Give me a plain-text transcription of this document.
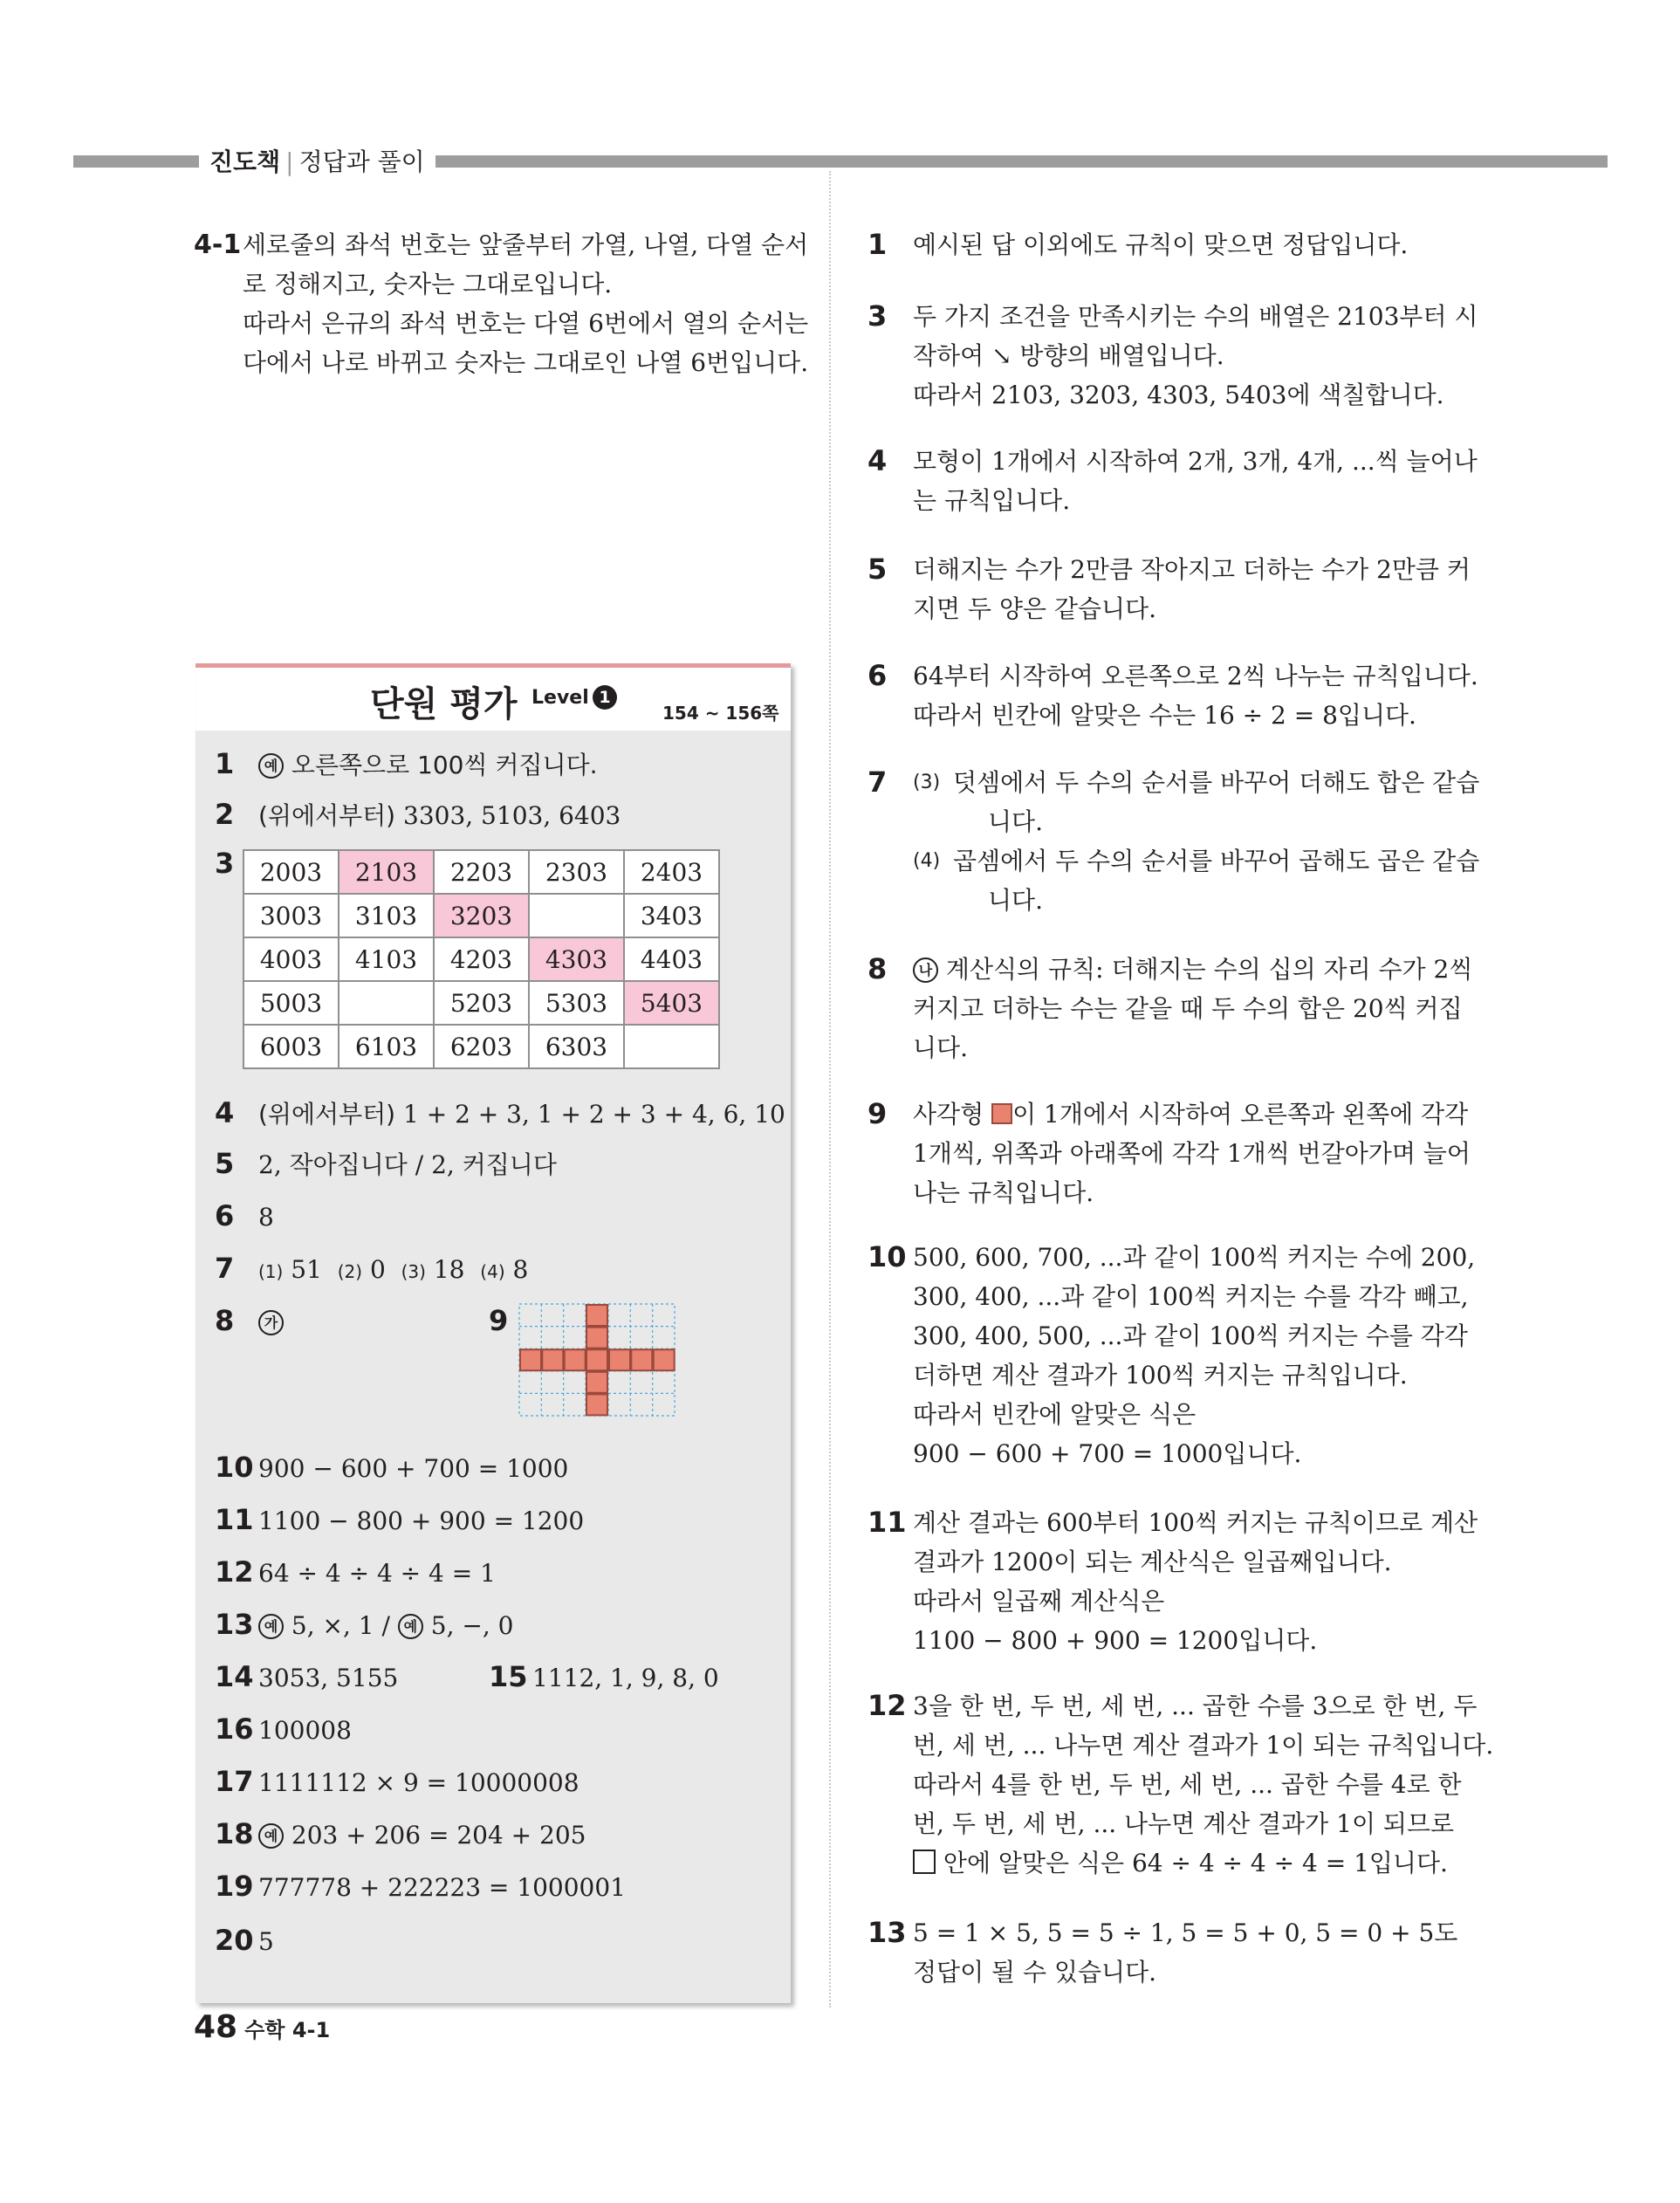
진도책 | 정답과 풀이
4-1 세로줄의 좌석 번호는 앞줄부터 가열, 나열, 다열 순서
로 정해지고, 숫자는 그대로입니다.
따라서 은규의 좌석 번호는 다열 6번에서 열의 순서는
다에서 나로 바뀌고 숫자는 그대로인 나열 6번입니다.
단원 평가 Level 1
154 ~ 156쪽
1 예 오른쪽으로 100씩 커집니다.
2 (위에서부터) 3303, 5103, 6403
3	2003	2103	2203	2303	2403
3003	3103	3203		3403
4003	4103	4203	4303	4403
5003		5203	5303	5403
6003	6103	6203	6303	
4 (위에서부터) 1 + 2 + 3, 1 + 2 + 3 + 4, 6, 10
5 2, 작아집니다 / 2, 커집니다
6 8
7 (1) 51 (2) 0 (3) 18 (4) 8
8 가	9
10 900 − 600 + 700 = 1000
11 1100 − 800 + 900 = 1200
12 64 ÷ 4 ÷ 4 ÷ 4 = 1
13 예 5, ×, 1 / 예 5, −, 0
14 3053, 5155	15 1112, 1, 9, 8, 0
16 100008
17 1111112 × 9 = 10000008
18 예 203 + 206 = 204 + 205
19 777778 + 222223 = 1000001
20 5
1 예시된 답 이외에도 규칙이 맞으면 정답입니다.
3 두 가지 조건을 만족시키는 수의 배열은 2103부터 시
작하여 ↘ 방향의 배열입니다.
따라서 2103, 3203, 4303, 5403에 색칠합니다.
4 모형이 1개에서 시작하여 2개, 3개, 4개, ...씩 늘어나
는 규칙입니다.
5 더해지는 수가 2만큼 작아지고 더하는 수가 2만큼 커
지면 두 양은 같습니다.
6 64부터 시작하여 오른쪽으로 2씩 나누는 규칙입니다.
따라서 빈칸에 알맞은 수는 16 ÷ 2 = 8입니다.
7 (3) 덧셈에서 두 수의 순서를 바꾸어 더해도 합은 같습
니다.
(4) 곱셈에서 두 수의 순서를 바꾸어 곱해도 곱은 같습
니다.
8	나 계산식의 규칙: 더해지는 수의 십의 자리 수가 2씩
커지고 더하는 수는 같을 때 두 수의 합은 20씩 커집
니다.
9 사각형 이 1개에서 시작하여 오른쪽과 왼쪽에 각각
1개씩, 위쪽과 아래쪽에 각각 1개씩 번갈아가며 늘어
나는 규칙입니다.
10 500, 600, 700, ...과 같이 100씩 커지는 수에 200,
300, 400, ...과 같이 100씩 커지는 수를 각각 빼고,
300, 400, 500, ...과 같이 100씩 커지는 수를 각각
더하면 계산 결과가 100씩 커지는 규칙입니다.
따라서 빈칸에 알맞은 식은
900 − 600 + 700 = 1000입니다.
11 계산 결과는 600부터 100씩 커지는 규칙이므로 계산
결과가 1200이 되는 계산식은 일곱째입니다.
따라서 일곱째 계산식은
1100 − 800 + 900 = 1200입니다.
12 3을 한 번, 두 번, 세 번, ... 곱한 수를 3으로 한 번, 두
번, 세 번, ... 나누면 계산 결과가 1이 되는 규칙입니다.
따라서 4를 한 번, 두 번, 세 번, ... 곱한 수를 4로 한
번, 두 번, 세 번, ... 나누면 계산 결과가 1이 되므로
안에 알맞은 식은 64 ÷ 4 ÷ 4 ÷ 4 = 1입니다.
13 5 = 1 × 5, 5 = 5 ÷ 1, 5 = 5 + 0, 5 = 0 + 5도
정답이 될 수 있습니다.
48 수학 4-1
